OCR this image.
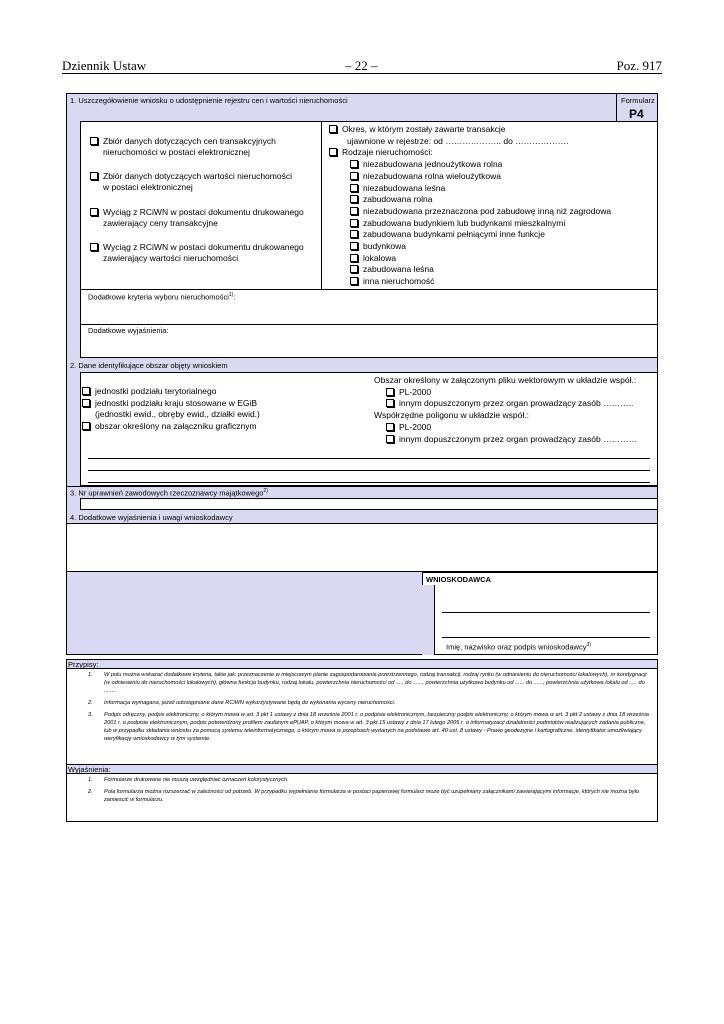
Dziennik Ustaw	– 22 –	Poz. 917
1. Uszczegółowienie wniosku o udostępnienie rejestru cen i wartości nieruchomości	Formularz
P4
Zbiór danych dotyczących cen transakcyjnych
nieruchomości w postaci elektronicznej
Zbiór danych dotyczących wartości nieruchomości
w postaci elektronicznej
Wyciąg z RCiWN w postaci dokumentu drukowanego
zawierający ceny transakcyjne
Wyciąg z RCiWN w postaci dokumentu drukowanego
zawierający wartości nieruchomości
Okres, w którym zostały zawarte transakcje
ujawnione w rejestrze: od ……………….. do ……………….
Rodzaje nieruchomości:
niezabudowana jednoużytkowa rolna
niezabudowana rolna wieloużytkowa
niezabudowana leśna
zabudowana rolna
niezabudowana przeznaczona pod zabudowę inną niż zagrodowa
zabudowana budynkiem lub budynkami mieszkalnymi
zabudowana budynkami pełniącymi inne funkcje
budynkowa
lokalowa
zabudowana leśna
inna nieruchomość
Dodatkowe kryteria wyboru nieruchomości$^{1)}$:
Dodatkowe wyjaśnienia:
2. Dane identyfikujące obszar objęty wnioskiem
jednostki podziału terytorialnego
jednostki podziału kraju stosowane w EGiB
(jednostki ewid., obręby ewid., działki ewid.)
obszar określony na załączniku graficznym
Obszar określony w załączonym pliku wektorowym w układzie współ.:
PL-2000
innym dopuszczonym przez organ prowadzący zasób ………..
Współrzędne poligonu w układzie współ.:
PL-2000
innym dopuszczonym przez organ prowadzący zasób …………
3. Nr uprawnień zawodowych rzeczoznawcy majątkowego$^{2)}$
4. Dodatkowe wyjaśnienia i uwagi wnioskodawcy
WNIOSKODAWCA
Imię, nazwisko oraz podpis wnioskodawcy$^{3)}$
Przypisy:
1. W polu można wskazać dodatkowe kryteria, takie jak: przeznaczenie w miejscowym planie zagospodarowania przestrzennego, rodzaj transakcji, rodzaj rynku (w odniesieniu do nieruchomości lokalowych), nr kondygnacji (w odniesieniu do nieruchomości lokalowych), główna funkcja budynku, rodzaj lokalu, powierzchnia nieruchomości od ..... do ......, powierzchnia użytkowa budynku od ...... do ......, powierzchnia użytkowa lokalu od ..... do ........
2. Informacja wymagana, jeżeli udostępniane dane RCiWN wykorzystywane będą do wykonania wyceny nieruchomości.
3. Podpis odręczny, podpis elektroniczny, o którym mowa w art. 3 pkt 1 ustawy z dnia 18 września 2001 r. o podpisie elektronicznym, bezpieczny podpis elektroniczny, o którym mowa w art. 3 pkt 2 ustawy z dnia 18 września 2001 r. o podpisie elektronicznym, podpis potwierdzony profilem zaufanym ePUAP, o którym mowa w art. 3 pkt 15 ustawy z dnia 17 lutego 2005 r. o informatyzacji działalności podmiotów realizujących zadania publiczne, lub w przypadku składania wniosku za pomocą systemu teleinformatycznego, o którym mowa w przepisach wydanych na podstawie art. 40 ust. 8 ustawy - Prawo geodezyjne i kartograficzne, identyfikator umożliwiający weryfikację wnioskodawcy w tym systemie.
Wyjaśnienia:
1. Formularze drukowane nie muszą uwzględniać oznaczeń kolorystycznych.
2. Pola formularza można rozszerzać w zależności od potrzeb. W przypadku wypełniania formularza w postaci papierowej formularz może być uzupełniany załącznikami zawierającymi informacje, których nie można było zamieścić w formularzu.
